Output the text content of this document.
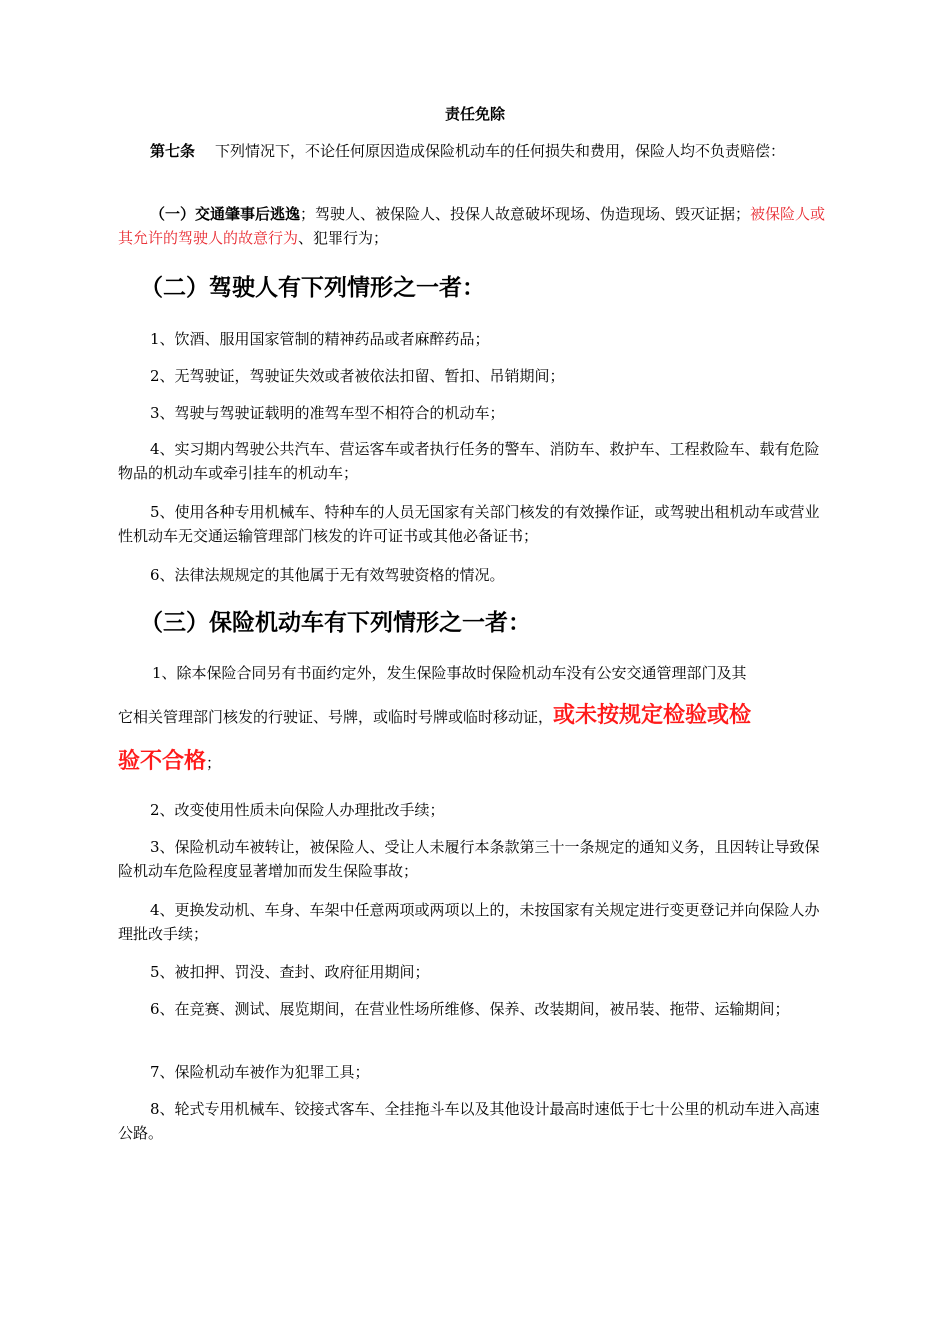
责任免除

第七条 下列情况下，不论任何原因造成保险机动车的任何损失和费用，保险人均不负责赔偿：

（一）交通肇事后逃逸；驾驶人、被保险人、投保人故意破坏现场、伪造现场、毁灭证据；被保险人或其允许的驾驶人的故意行为、犯罪行为；

（二）驾驶人有下列情形之一者：

1、饮酒、服用国家管制的精神药品或者麻醉药品；

2、无驾驶证，驾驶证失效或者被依法扣留、暂扣、吊销期间；

3、驾驶与驾驶证载明的准驾车型不相符合的机动车；

4、实习期内驾驶公共汽车、营运客车或者执行任务的警车、消防车、救护车、工程救险车、载有危险物品的机动车或牵引挂车的机动车；

5、使用各种专用机械车、特种车的人员无国家有关部门核发的有效操作证，或驾驶出租机动车或营业性机动车无交通运输管理部门核发的许可证书或其他必备证书；

6、法律法规规定的其他属于无有效驾驶资格的情况。

（三）保险机动车有下列情形之一者：

1、除本保险合同另有书面约定外，发生保险事故时保险机动车没有公安交通管理部门及其

它相关管理部门核发的行驶证、号牌，或临时号牌或临时移动证，或未按规定检验或检

验不合格；

2、改变使用性质未向保险人办理批改手续；

3、保险机动车被转让，被保险人、受让人未履行本条款第三十一条规定的通知义务，且因转让导致保险机动车危险程度显著增加而发生保险事故；

4、更换发动机、车身、车架中任意两项或两项以上的，未按国家有关规定进行变更登记并向保险人办理批改手续；

5、被扣押、罚没、查封、政府征用期间；

6、在竞赛、测试、展览期间，在营业性场所维修、保养、改装期间，被吊装、拖带、运输期间；

7、保险机动车被作为犯罪工具；

8、轮式专用机械车、铰接式客车、全挂拖斗车以及其他设计最高时速低于七十公里的机动车进入高速公路。
